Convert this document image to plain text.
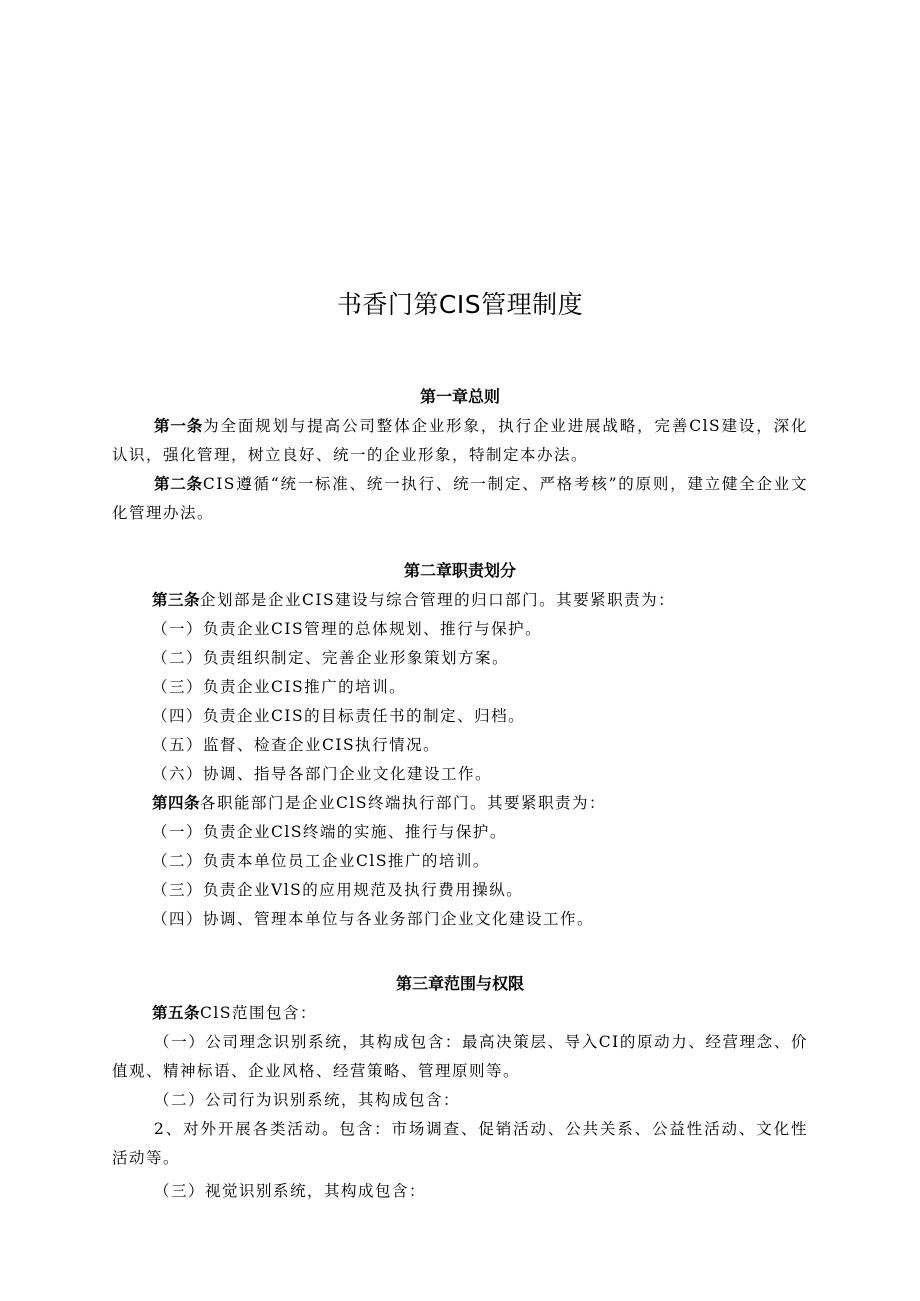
书香门第CIS管理制度
第一章总则

第一条为全面规划与提高公司整体企业形象，执行企业进展战略，完善ClS建设，深化认识，强化管理，树立良好、统一的企业形象，特制定本办法。

第二条CIS遵循“统一标准、统一执行、统一制定、严格考核”的原则，建立健全企业文化管理办法。

第二章职责划分

第三条企划部是企业CIS建设与综合管理的归口部门。其要紧职责为：

（一）负责企业CIS管理的总体规划、推行与保护。

（二）负责组织制定、完善企业形象策划方案。

（三）负责企业CIS推广的培训。

（四）负责企业CIS的目标责任书的制定、归档。

（五）监督、检查企业CIS执行情况。

（六）协调、指导各部门企业文化建设工作。

第四条各职能部门是企业ClS终端执行部门。其要紧职责为：

（一）负责企业ClS终端的实施、推行与保护。

（二）负责本单位员工企业ClS推广的培训。

（三）负责企业VlS的应用规范及执行费用操纵。

（四）协调、管理本单位与各业务部门企业文化建设工作。

第三章范围与权限

第五条ClS范围包含：

（一）公司理念识别系统，其构成包含：最高决策层、导入CI的原动力、经营理念、价值观、精神标语、企业风格、经营策略、管理原则等。

（二）公司行为识别系统，其构成包含：

2、对外开展各类活动。包含：市场调查、促销活动、公共关系、公益性活动、文化性活动等。

（三）视觉识别系统，其构成包含：
